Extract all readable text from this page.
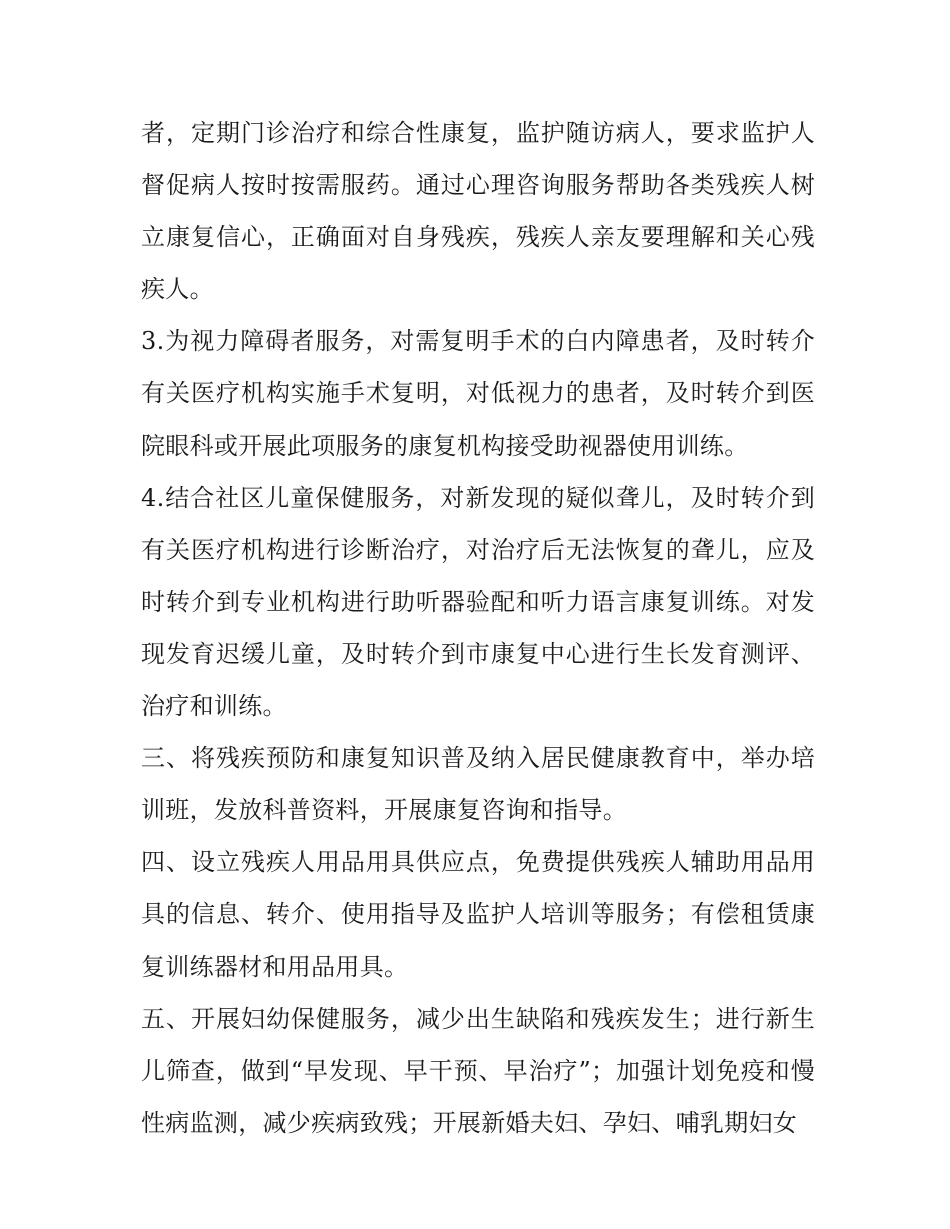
者，定期门诊治疗和综合性康复，监护随访病人，要求监护人督促病人按时按需服药。通过心理咨询服务帮助各类残疾人树立康复信心，正确面对自身残疾，残疾人亲友要理解和关心残疾人。

3.为视力障碍者服务，对需复明手术的白内障患者，及时转介有关医疗机构实施手术复明，对低视力的患者，及时转介到医院眼科或开展此项服务的康复机构接受助视器使用训练。

4.结合社区儿童保健服务，对新发现的疑似聋儿，及时转介到有关医疗机构进行诊断治疗，对治疗后无法恢复的聋儿，应及时转介到专业机构进行助听器验配和听力语言康复训练。对发现发育迟缓儿童，及时转介到市康复中心进行生长发育测评、治疗和训练。

三、将残疾预防和康复知识普及纳入居民健康教育中，举办培训班，发放科普资料，开展康复咨询和指导。

四、设立残疾人用品用具供应点，免费提供残疾人辅助用品用具的信息、转介、使用指导及监护人培训等服务；有偿租赁康复训练器材和用品用具。

五、开展妇幼保健服务，减少出生缺陷和残疾发生；进行新生儿筛查，做到“早发现、早干预、早治疗”；加强计划免疫和慢性病监测，减少疾病致残；开展新婚夫妇、孕妇、哺乳期妇女
